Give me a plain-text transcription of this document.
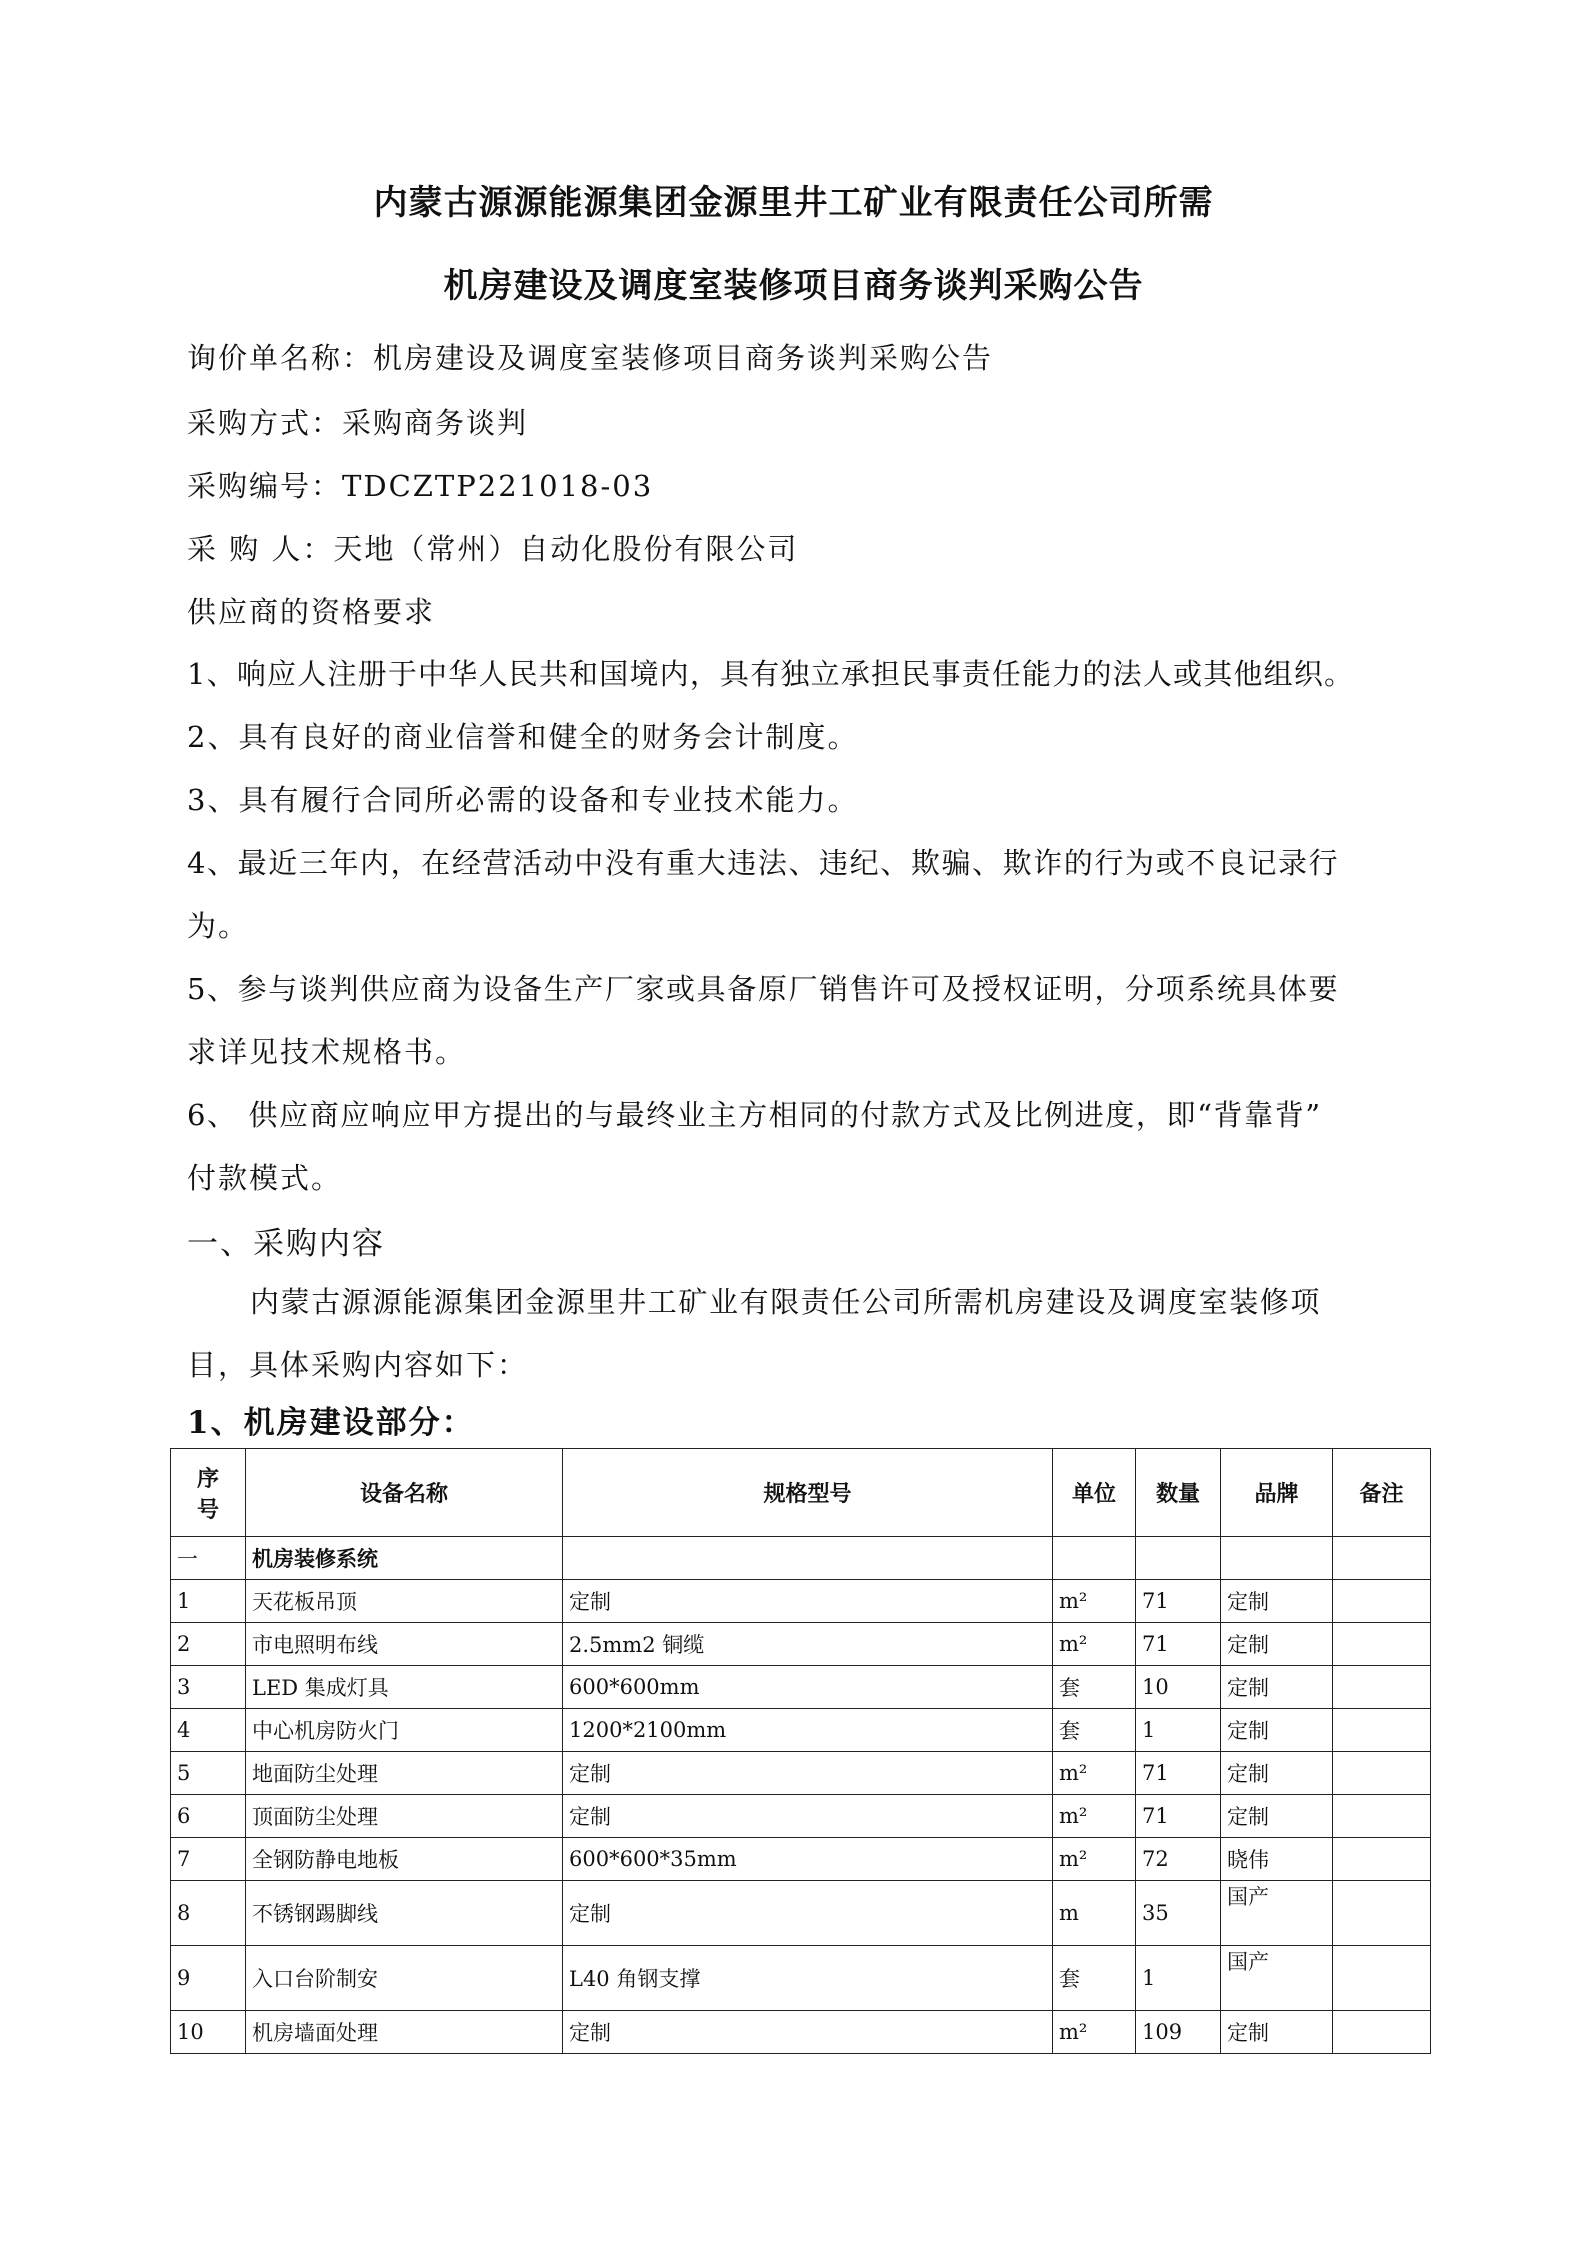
内蒙古源源能源集团金源里井工矿业有限责任公司所需
机房建设及调度室装修项目商务谈判采购公告
询价单名称：机房建设及调度室装修项目商务谈判采购公告
采购方式：采购商务谈判
采购编号：TDCZTP221018-03
采 购 人：天地（常州）自动化股份有限公司
供应商的资格要求
1、响应人注册于中华人民共和国境内，具有独立承担民事责任能力的法人或其他组织。
2、具有良好的商业信誉和健全的财务会计制度。
3、具有履行合同所必需的设备和专业技术能力。
4、最近三年内，在经营活动中没有重大违法、违纪、欺骗、欺诈的行为或不良记录行
为。
5、参与谈判供应商为设备生产厂家或具备原厂销售许可及授权证明，分项系统具体要
求详见技术规格书。
6、 供应商应响应甲方提出的与最终业主方相同的付款方式及比例进度，即“背靠背”
付款模式。
一、采购内容
内蒙古源源能源集团金源里井工矿业有限责任公司所需机房建设及调度室装修项
目，具体采购内容如下：
1、机房建设部分：
序
号	设备名称	规格型号	单位	数量	品牌	备注
一	机房装修系统					
1	天花板吊顶	定制	m²	71	定制	
2	市电照明布线	2.5mm2 铜缆	m²	71	定制	
3	LED 集成灯具	600*600mm	套	10	定制	
4	中心机房防火门	1200*2100mm	套	1	定制	
5	地面防尘处理	定制	m²	71	定制	
6	顶面防尘处理	定制	m²	71	定制	
7	全钢防静电地板	600*600*35mm	m²	72	晓伟	
8	不锈钢踢脚线	定制	m	35	国产	
9	入口台阶制安	L40 角钢支撑	套	1	国产	
10	机房墙面处理	定制	m²	109	定制	
